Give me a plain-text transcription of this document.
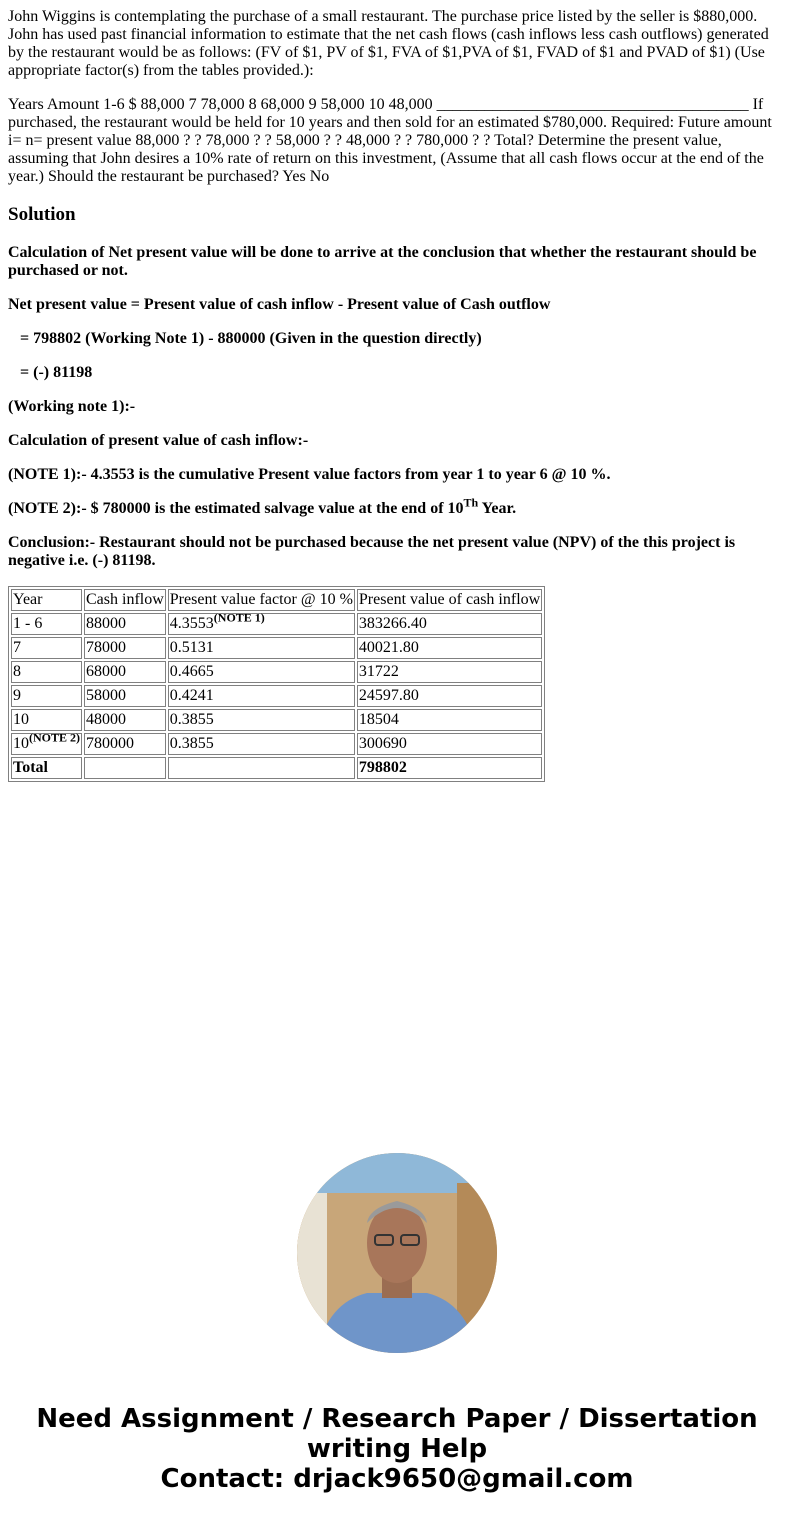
John Wiggins is contemplating the purchase of a small restaurant. The purchase price listed by the seller is $880,000. John has used past financial information to estimate that the net cash flows (cash inflows less cash outflows) generated by the restaurant would be as follows: (FV of $1, PV of $1, FVA of $1,PVA of $1, FVAD of $1 and PVAD of $1) (Use appropriate factor(s) from the tables provided.):

Years Amount 1-6 $ 88,000 7 78,000 8 68,000 9 58,000 10 48,000 _______________________________________ If purchased, the restaurant would be held for 10 years and then sold for an estimated $780,000. Required: Future amount i= n= present value 88,000 ? ? 78,000 ? ? 58,000 ? ? 48,000 ? ? 780,000 ? ? Total? Determine the present value, assuming that John desires a 10% rate of return on this investment, (Assume that all cash flows occur at the end of the year.) Should the restaurant be purchased? Yes No

Solution

Calculation of Net present value will be done to arrive at the conclusion that whether the restaurant should be purchased or not.

Net present value = Present value of cash inflow - Present value of Cash outflow

= 798802 (Working Note 1) - 880000 (Given in the question directly)

= (-) 81198

(Working note 1):-

Calculation of present value of cash inflow:-

(NOTE 1):- 4.3553 is the cumulative Present value factors from year 1 to year 6 @ 10 %.

(NOTE 2):- $ 780000 is the estimated salvage value at the end of 10Th Year.

Conclusion:- Restaurant should not be purchased because the net present value (NPV) of the this project is negative i.e. (-) 81198.

Year	Cash inflow	Present value factor @ 10 %	Present value of cash inflow
1 - 6	88000	$4.3553^{(NOTE 1)}$	383266.40
7	78000	0.5131	40021.80
8	68000	0.4665	31722
9	58000	0.4241	24597.80
10	48000	0.3855	18504
$10^{(NOTE 2)}$	780000	0.3855	300690
Total			798802
Need Assignment / Research Paper / Dissertation
writing Help
Contact: drjack9650@gmail.com
